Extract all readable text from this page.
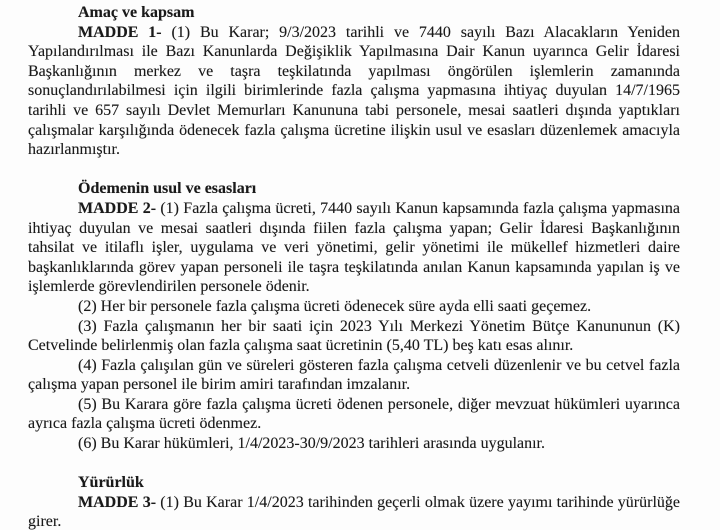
Amaç ve kapsam

MADDE 1- (1) Bu Karar; 9/3/2023 tarihli ve 7440 sayılı Bazı Alacakların Yeniden Yapılandırılması ile Bazı Kanunlarda Değişiklik Yapılmasına Dair Kanun uyarınca Gelir İdaresi Başkanlığının merkez ve taşra teşkilatında yapılması öngörülen işlemlerin zamanında sonuçlandırılabilmesi için ilgili birimlerinde fazla çalışma yapmasına ihtiyaç duyulan 14/7/1965 tarihli ve 657 sayılı Devlet Memurları Kanununa tabi personele, mesai saatleri dışında yaptıkları çalışmalar karşılığında ödenecek fazla çalışma ücretine ilişkin usul ve esasları düzenlemek amacıyla hazırlanmıştır.

Ödemenin usul ve esasları

MADDE 2- (1) Fazla çalışma ücreti, 7440 sayılı Kanun kapsamında fazla çalışma yapmasına ihtiyaç duyulan ve mesai saatleri dışında fiilen fazla çalışma yapan; Gelir İdaresi Başkanlığının tahsilat ve itilaflı işler, uygulama ve veri yönetimi, gelir yönetimi ile mükellef hizmetleri daire başkanlıklarında görev yapan personeli ile taşra teşkilatında anılan Kanun kapsamında yapılan iş ve işlemlerde görevlendirilen personele ödenir.

(2) Her bir personele fazla çalışma ücreti ödenecek süre ayda elli saati geçemez.

(3) Fazla çalışmanın her bir saati için 2023 Yılı Merkezi Yönetim Bütçe Kanununun (K) Cetvelinde belirlenmiş olan fazla çalışma saat ücretinin (5,40 TL) beş katı esas alınır.

(4) Fazla çalışılan gün ve süreleri gösteren fazla çalışma cetveli düzenlenir ve bu cetvel fazla çalışma yapan personel ile birim amiri tarafından imzalanır.

(5) Bu Karara göre fazla çalışma ücreti ödenen personele, diğer mevzuat hükümleri uyarınca ayrıca fazla çalışma ücreti ödenmez.

(6) Bu Karar hükümleri, 1/4/2023-30/9/2023 tarihleri arasında uygulanır.

Yürürlük

MADDE 3- (1) Bu Karar 1/4/2023 tarihinden geçerli olmak üzere yayımı tarihinde yürürlüğe girer.
